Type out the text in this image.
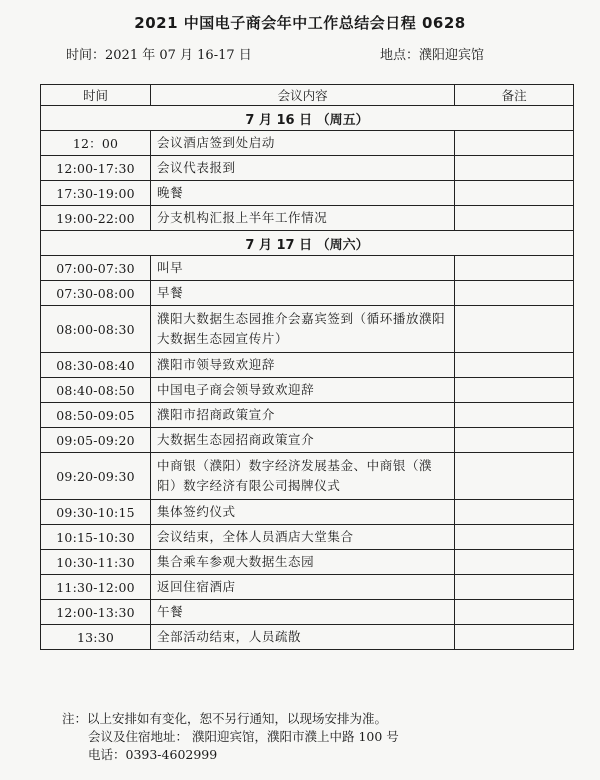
2021 中国电子商会年中工作总结会日程 0628
时间：2021 年 07 月 16-17 日	地点：濮阳迎宾馆
时间	会议内容	备注
7 月 16 日 （周五）		
12：00	会议酒店签到处启动	
12:00-17:30	会议代表报到	
17:30-19:00	晚餐	
19:00-22:00	分支机构汇报上半年工作情况	
7 月 17 日 （周六）		
07:00-07:30	叫早	
07:30-08:00	早餐	
08:00-08:30	濮阳大数据生态园推介会嘉宾签到（循环播放濮阳大数据生态园宣传片）	
08:30-08:40	濮阳市领导致欢迎辞	
08:40-08:50	中国电子商会领导致欢迎辞	
08:50-09:05	濮阳市招商政策宣介	
09:05-09:20	大数据生态园招商政策宣介	
09:20-09:30	中商银（濮阳）数字经济发展基金、中商银（濮阳）数字经济有限公司揭牌仪式	
09:30-10:15	集体签约仪式	
10:15-10:30	会议结束，全体人员酒店大堂集合	
10:30-11:30	集合乘车参观大数据生态园	
11:30-12:00	返回住宿酒店	
12:00-13:30	午餐	
13:30	全部活动结束，人员疏散	
注：以上安排如有变化，恕不另行通知，以现场安排为准。
会议及住宿地址： 濮阳迎宾馆，濮阳市濮上中路 100 号
电话：0393-4602999
